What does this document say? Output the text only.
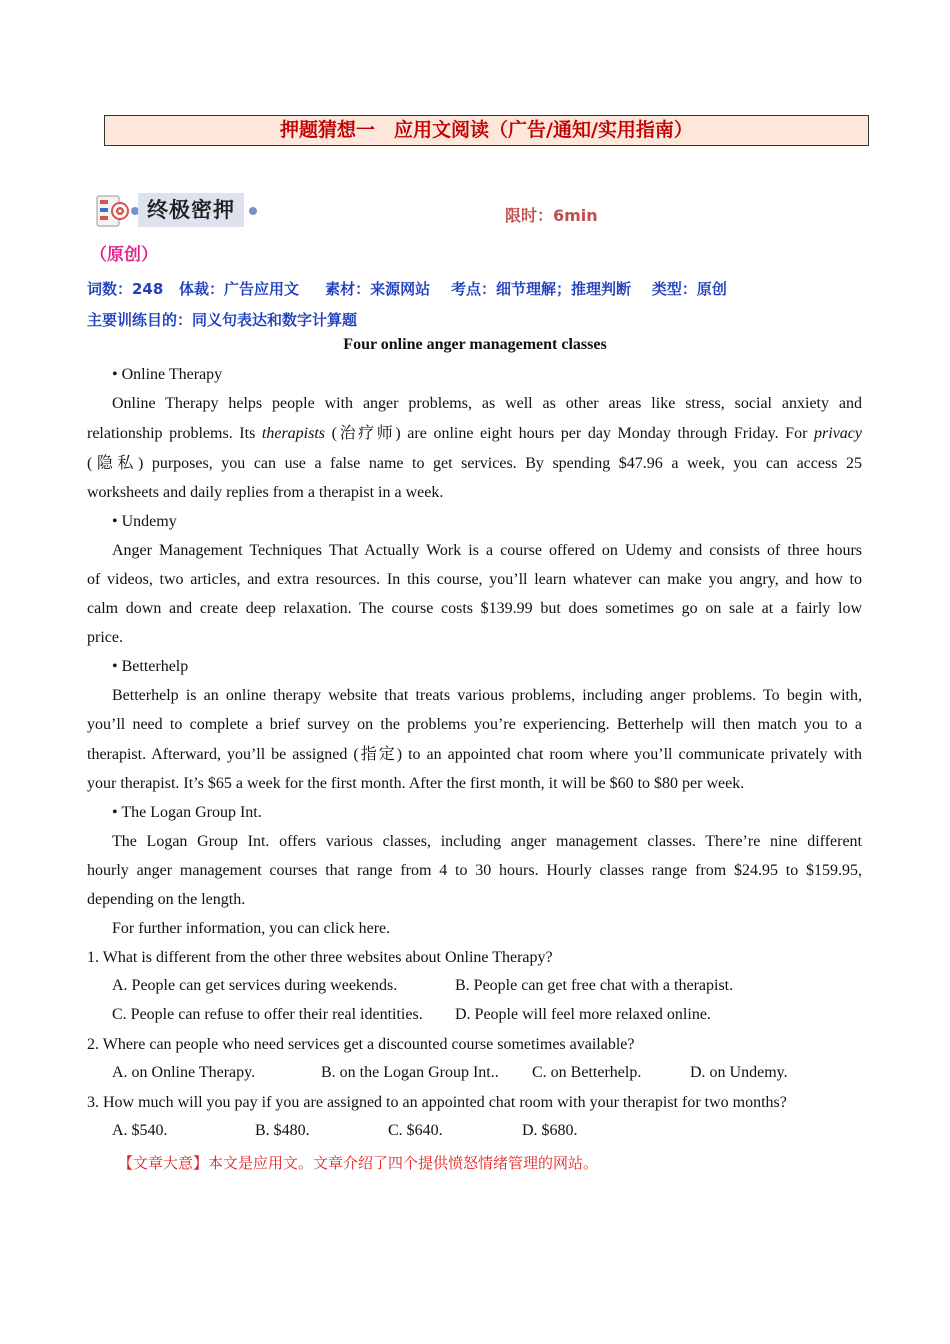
押题猜想一　应用文阅读（广告/通知/实用指南）
终极密押	限时：6min
（原创）
词数：248   体裁：广告应用文     素材：来源网站    考点：细节理解；推理判断    类型：原创
主要训练目的：同义句表达和数字计算题
Four online anger management classes
• Online Therapy
Online Therapy helps people with anger problems, as well as other areas like stress, social anxiety and
relationship problems. Its therapists (治疗师) are online eight hours per day Monday through Friday. For privacy
(隐私) purposes, you can use a false name to get services. By spending $47.96 a week, you can access 25
worksheets and daily replies from a therapist in a week.
• Undemy
Anger Management Techniques That Actually Work is a course offered on Udemy and consists of three hours
of videos, two articles, and extra resources. In this course, you’ll learn whatever can make you angry, and how to
calm down and create deep relaxation. The course costs $139.99 but does sometimes go on sale at a fairly low
price.
• Betterhelp
Betterhelp is an online therapy website that treats various problems, including anger problems. To begin with,
you’ll need to complete a brief survey on the problems you’re experiencing. Betterhelp will then match you to a
therapist. Afterward, you’ll be assigned (指定) to an appointed chat room where you’ll communicate privately with
your therapist. It’s $65 a week for the first month. After the first month, it will be $60 to $80 per week.
• The Logan Group Int.
The Logan Group Int. offers various classes, including anger management classes. There’re nine different
hourly anger management courses that range from 4 to 30 hours. Hourly classes range from $24.95 to $159.95,
depending on the length.
For further information, you can click here.
1. What is different from the other three websites about Online Therapy?
A. People can get services during weekends.	B. People can get free chat with a therapist.
C. People can refuse to offer their real identities. D. People will feel more relaxed online.
2. Where can people who need services get a discounted course sometimes available?
A. on Online Therapy.	B. on the Logan Group Int.. C. on Betterhelp.	D. on Undemy.
3. How much will you pay if you are assigned to an appointed chat room with your therapist for two months?
A. $540.	B. $480.	C. $640.	D. $680.
【文章大意】本文是应用文。文章介绍了四个提供愤怒情绪管理的网站。
